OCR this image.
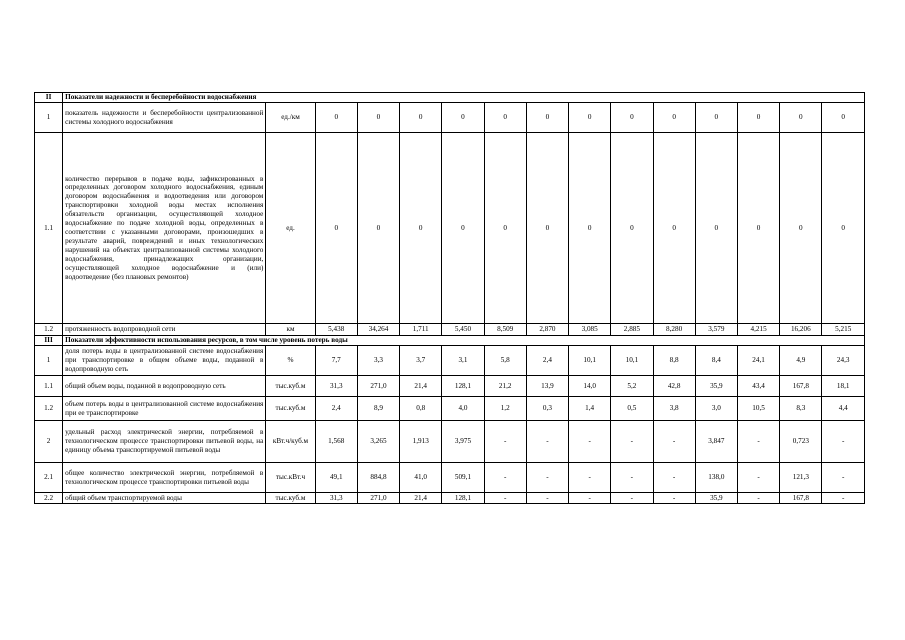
II	Показатели надежности и бесперебойности водоснабжения														
1	показатель надежности и бесперебойности централизованной системы холодного водоснабжения	ед./км	0	0	0	0	0	0	0	0	0	0	0	0	0
1.1	количество перерывов в подаче воды, зафиксированных в определенных договором холодного водоснабжения, единым договором водоснабжения и водоотведения или договором транспортировки холодной воды местах исполнения обязательств организации, осуществляющей холодное водоснабжение по подаче холодной воды, определенных в соответствии с указанными договорами, произошедших в результате аварий, повреждений и иных технологических нарушений на объектах централизованной системы холодного водоснабжения, принадлежащих организации, осуществляющей холодное водоснабжение и (или) водоотведение (без плановых ремонтов)	ед.	0	0	0	0	0	0	0	0	0	0	0	0	0
1.2	протяженность водопроводной сети	км	5,438	34,264	1,711	5,450	8,509	2,870	3,085	2,885	8,280	3,579	4,215	16,206	5,215
III	Показатели эффективности использования ресурсов, в том числе уровень потерь воды														
1	доля потерь воды в централизованной системе водоснабжения при транспортировке в общем объеме воды, поданной в водопроводную сеть	%	7,7	3,3	3,7	3,1	5,8	2,4	10,1	10,1	8,8	8,4	24,1	4,9	24,3
1.1	общий объем воды, поданной в водопроводную сеть	тыс.куб.м	31,3	271,0	21,4	128,1	21,2	13,9	14,0	5,2	42,8	35,9	43,4	167,8	18,1
1.2	объем потерь воды в централизованной системе водоснабжения при ее транспортировке	тыс.куб.м	2,4	8,9	0,8	4,0	1,2	0,3	1,4	0,5	3,8	3,0	10,5	8,3	4,4
2	удельный расход электрической энергии, потребляемой в технологическом процессе транспортировки питьевой воды, на единицу объема транспортируемой питьевой воды	кВт.ч/куб.м	1,568	3,265	1,913	3,975	-	-	-	-	-	3,847	-	0,723	-
2.1	общее количество электрической энергии, потребляемой в технологическом процессе транспортировки питьевой воды	тыс.кВт.ч	49,1	884,8	41,0	509,1	-	-	-	-	-	138,0	-	121,3	-
2.2	общий объем транспортируемой воды	тыс.куб.м	31,3	271,0	21,4	128,1	-	-	-	-	-	35,9	-	167,8	-
